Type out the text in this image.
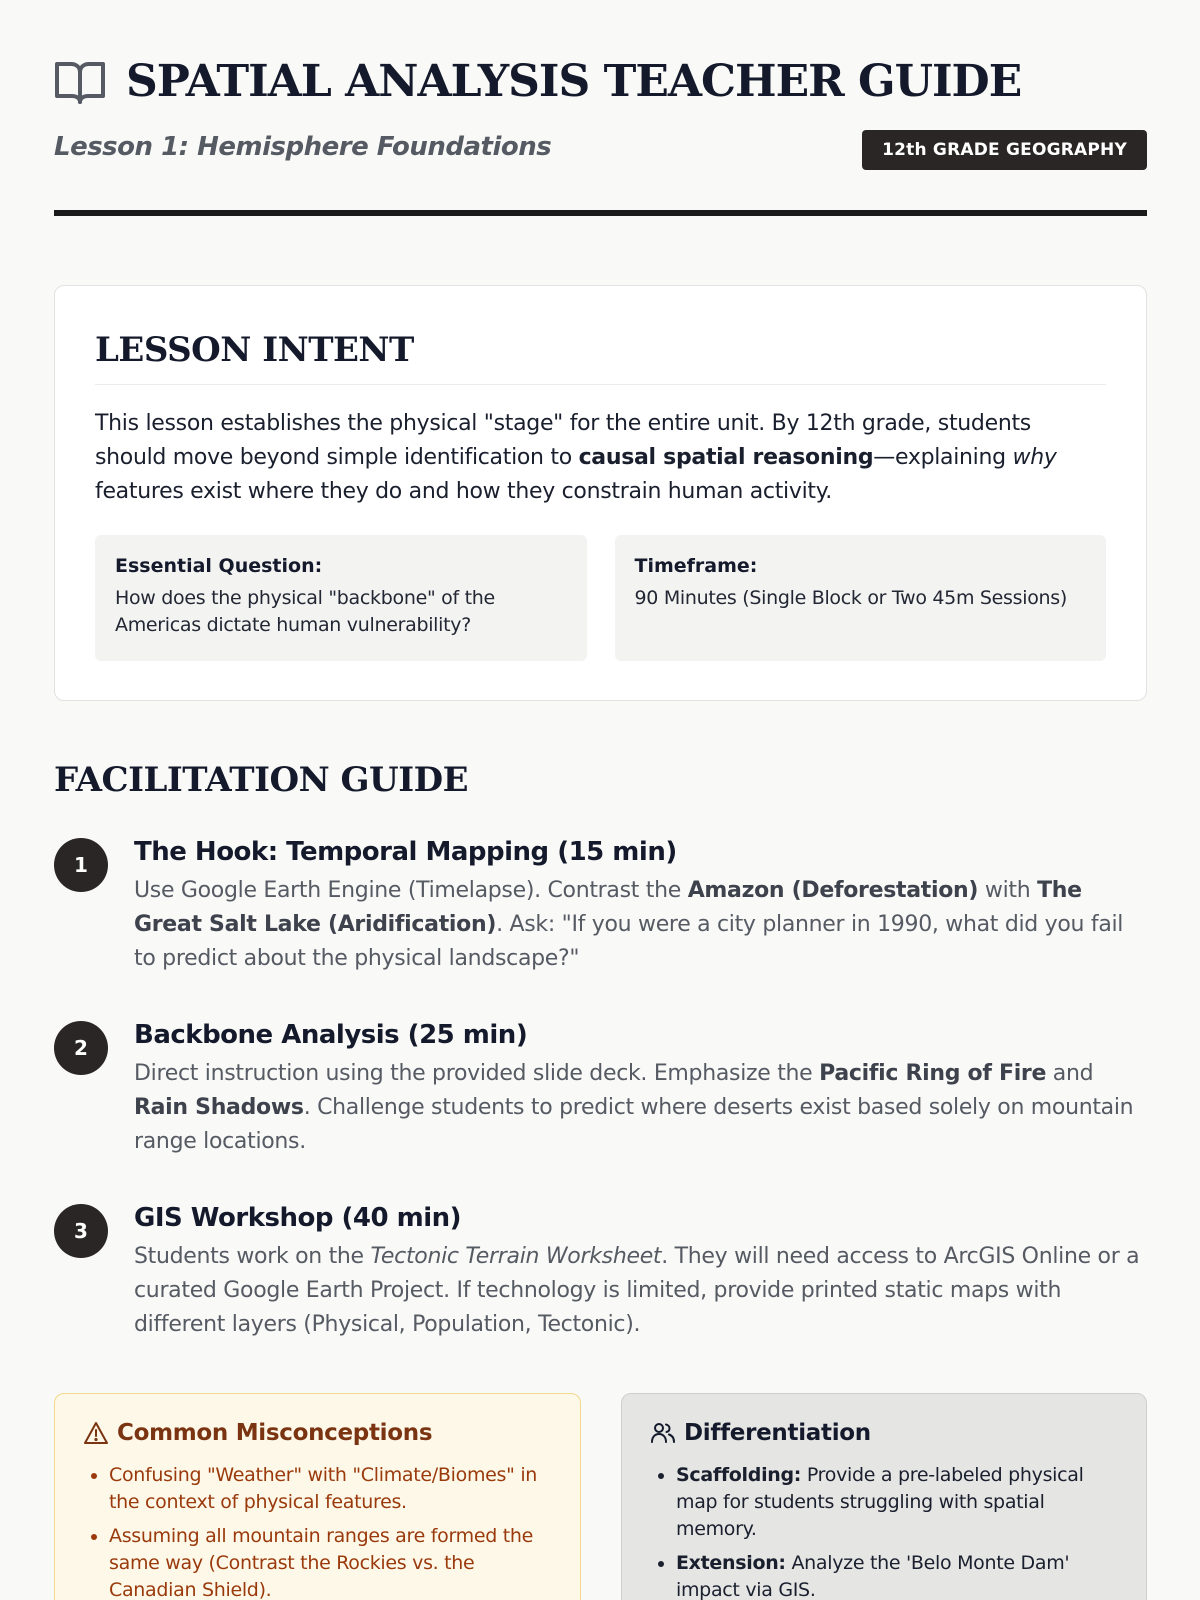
SPATIAL ANALYSIS TEACHER GUIDE
Lesson 1: Hemisphere Foundations	12th GRADE GEOGRAPHY
LESSON INTENT

This lesson establishes the physical "stage" for the entire unit. By 12th grade, students should move beyond simple identification to causal spatial reasoning—explaining why features exist where they do and how they constrain human activity.

Essential Question:
How does the physical "backbone" of the Americas dictate human vulnerability?
Timeframe:
90 Minutes (Single Block or Two 45m Sessions)
FACILITATION GUIDE
1	The Hook: Temporal Mapping (15 min)

Use Google Earth Engine (Timelapse). Contrast the Amazon (Deforestation) with The Great Salt Lake (Aridification). Ask: "If you were a city planner in 1990, what did you fail to predict about the physical landscape?"

2	Backbone Analysis (25 min)

Direct instruction using the provided slide deck. Emphasize the Pacific Ring of Fire and Rain Shadows. Challenge students to predict where deserts exist based solely on mountain range locations.

3	GIS Workshop (40 min)

Students work on the Tectonic Terrain Worksheet. They will need access to ArcGIS Online or a curated Google Earth Project. If technology is limited, provide printed static maps with different layers (Physical, Population, Tectonic).

Common Misconceptions
• Confusing "Weather" with "Climate/Biomes" in the context of physical features.
• Assuming all mountain ranges are formed the same way (Contrast the Rockies vs. the Canadian Shield).
Differentiation
• Scaffolding: Provide a pre-labeled physical map for students struggling with spatial memory.
• Extension: Analyze the 'Belo Monte Dam' impact via GIS.
